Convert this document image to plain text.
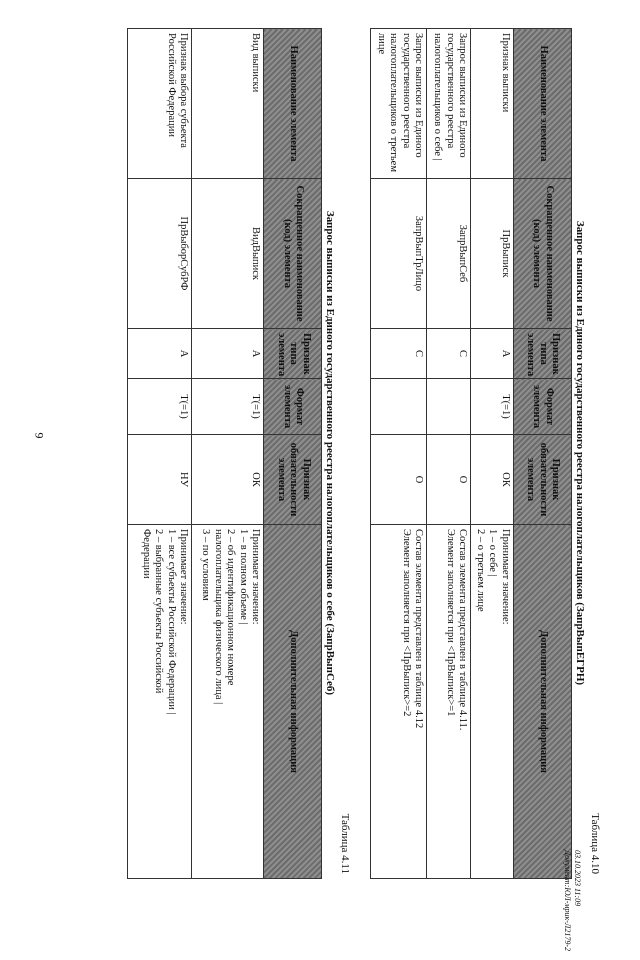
9
Таблица 4.10
Запрос выписки из Единого государственного реестра налогоплательщиков (ЗапрВыпЕГРН)
Наименование элемента	Сокращенное наименование (код) элемента	Признак типа элемента	Формат элемента	Признак обязательности элемента	Дополнительная информация

Признак выписки	ПрВыписк	А	T(=1)	ОК	Принимает значение:
1 – о себе |
2 – о третьем лице

Запрос выписки из Единого
государственного реестра
налогоплательщиков о себе |	ЗапрВыпСеб	С		О	Состав элемента представлен в таблице 4.11.
Элемент заполняется при <ПрВыписк>=1

Запрос выписки из Единого
государственного реестра
налогоплательщиков о третьем
лице	ЗапрВыпТрЛицо	С		О	Состав элемента представлен в таблице 4.12
Элемент заполняется при <ПрВыписк>=2
Таблица 4.11
Запрос выписки из Единого государственного реестра налогоплательщиков о себе (ЗапрВыпСеб)
Наименование элемента	Сокращенное наименование (код) элемента	Признак типа элемента	Формат элемента	Признак обязательности элемента	Дополнительная информация

Вид выписки	ВидВыписк	А	T(=1)	ОК	Принимает значение:
1 – в полном объеме |
2 – об идентификационном номере
налогоплательщика физического лица |
3 – по условиям

Признак выбора субъекта
Российской Федерации	ПрВыборСубРФ	А	T(=1)	НУ	Принимает значение:
1 – все субъекты Российской Федерации |
2 – выбранные субъекты Российской
Федерации
03.10.2023 11:09
Документ:ЮЛ-мрик-Л2179-2
